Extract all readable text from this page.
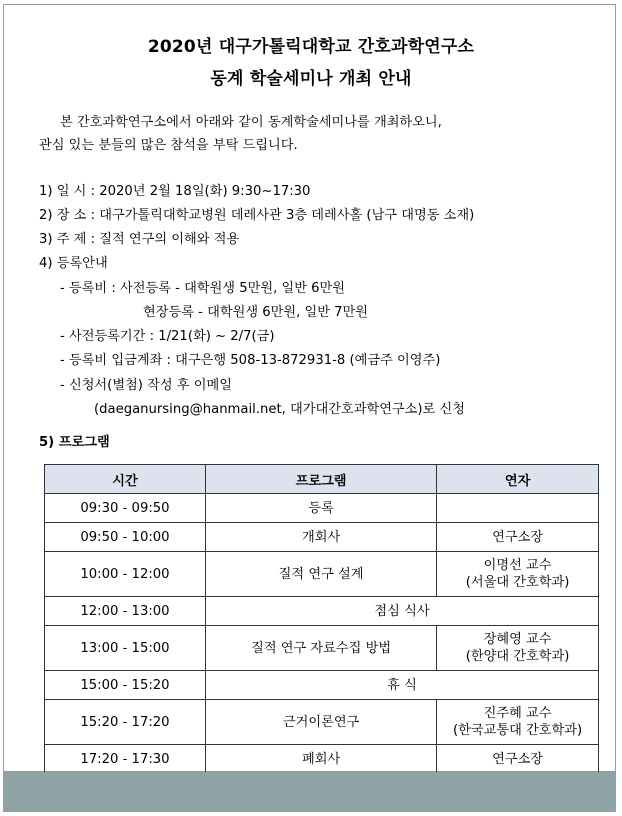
2020년 대구가톨릭대학교 간호과학연구소
동계 학술세미나 개최 안내
본 간호과학연구소에서 아래와 같이 동계학술세미나를 개최하오니,
관심 있는 분들의 많은 참석을 부탁 드립니다.
1) 일 시 : 2020년 2월 18일(화) 9:30~17:30
2) 장 소 : 대구가톨릭대학교병원 데레사관 3층 데레사홀 (남구 대명동 소재)
3) 주 제 : 질적 연구의 이해와 적용
4) 등록안내
- 등록비 : 사전등록 - 대학원생 5만원, 일반 6만원
현장등록 - 대학원생 6만원, 일반 7만원
- 사전등록기간 : 1/21(화) ~ 2/7(금)
- 등록비 입금계좌 : 대구은행 508-13-872931-8 (예금주 이영주)
- 신청서(별첨) 작성 후 이메일
(daeganursing@hanmail.net, 대가대간호과학연구소)로 신청
5) 프로그램
시간	프로그램	연자
09:30 - 09:50	등록	
09:50 - 10:00	개회사	연구소장
10:00 - 12:00	질적 연구 설계	이명선 교수
(서울대 간호학과)

12:00 - 13:00	점심 식사	
13:00 - 15:00	질적 연구 자료수집 방법	장혜영 교수
(한양대 간호학과)

15:00 - 15:20	휴 식	
15:20 - 17:20	근거이론연구	진주혜 교수
(한국교통대 간호학과)

17:20 - 17:30	폐회사	연구소장
